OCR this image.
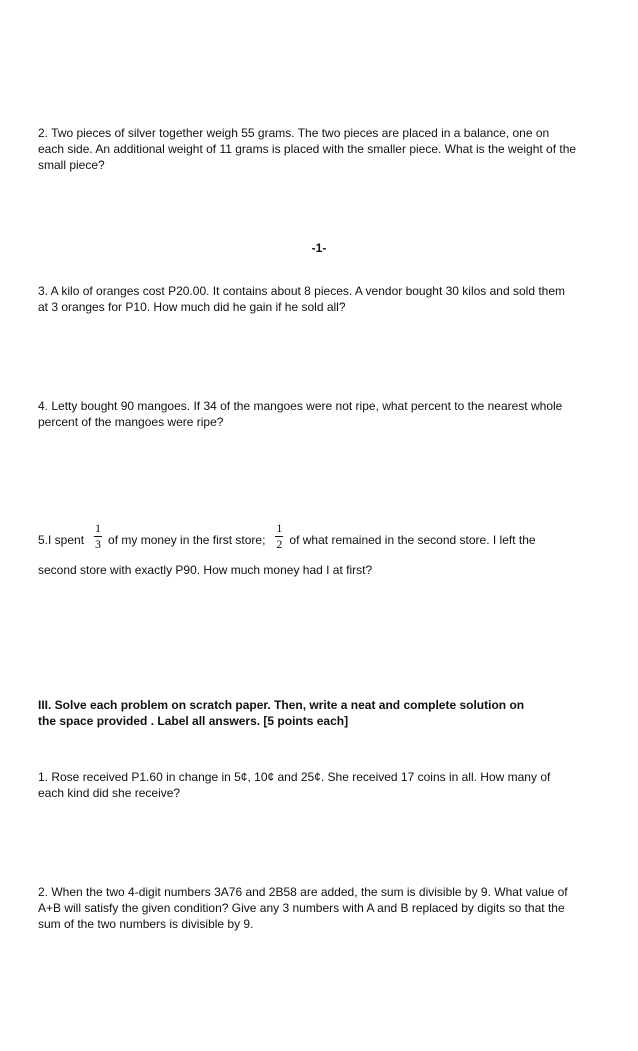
2. Two pieces of silver together weigh 55 grams. The two pieces are placed in a balance, one on
each side. An additional weight of 11 grams is placed with the smaller piece. What is the weight of the
small piece?
-1-
3. A kilo of oranges cost P20.00. It contains about 8 pieces. A vendor bought 30 kilos and sold them
at 3 oranges for P10. How much did he gain if he sold all?
4. Letty bought 90 mangoes. If 34 of the mangoes were not ripe, what percent to the nearest whole
percent of the mangoes were ripe?
5.I spent $\frac{1}{3}$ of my money in the first store; $\frac{1}{2}$ of what remained in the second store. I left the
second store with exactly P90. How much money had I at first?
III. Solve each problem on scratch paper. Then, write a neat and complete solution on
the space provided . Label all answers. [5 points each]
1. Rose received P1.60 in change in 5¢, 10¢ and 25¢. She received 17 coins in all. How many of
each kind did she receive?
2. When the two 4-digit numbers 3A76 and 2B58 are added, the sum is divisible by 9. What value of
A+B will satisfy the given condition? Give any 3 numbers with A and B replaced by digits so that the
sum of the two numbers is divisible by 9.
